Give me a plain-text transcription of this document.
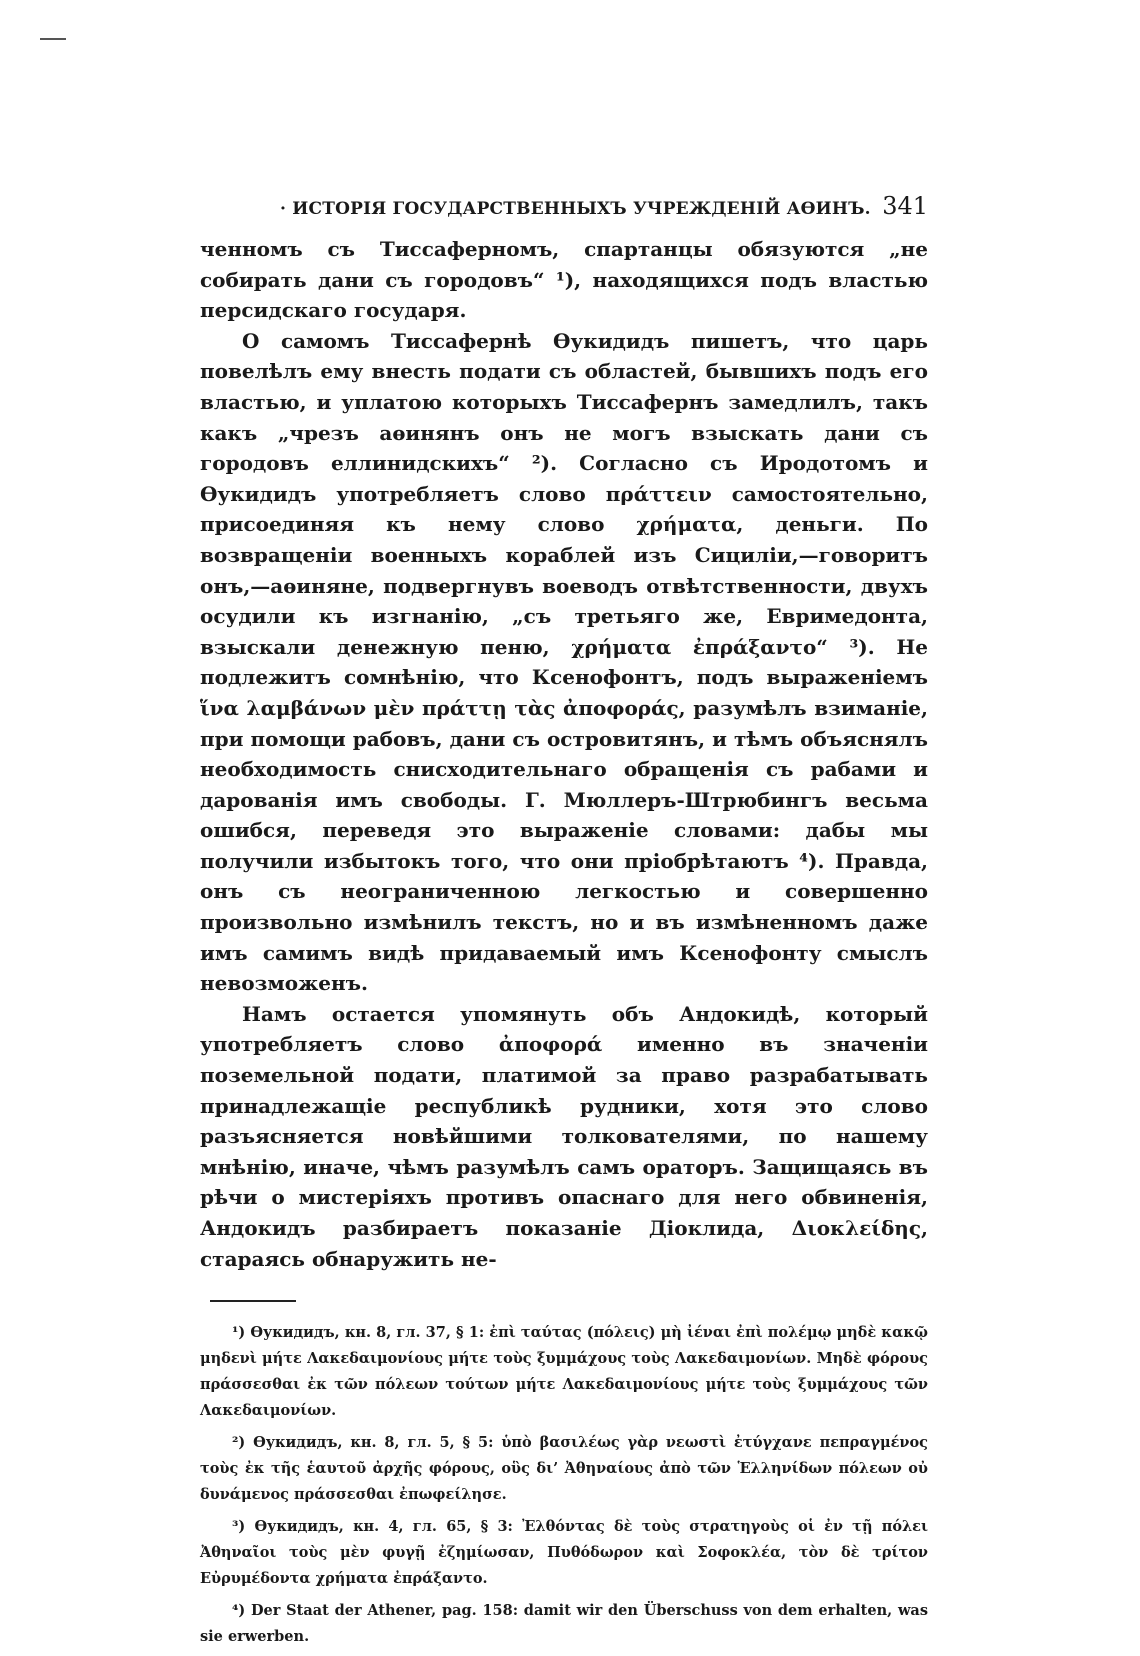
· ИСТОРІЯ ГОСУДАРСТВЕННЫХЪ УЧРЕЖДЕНІЙ АѲИНЪ. 341

ченномъ съ Тиссаферномъ, спартанцы обязуются „не собирать дани съ городовъ“ ¹), находящихся подъ властью персидскаго государя.

О самомъ Тиссафернѣ Ѳукидидъ пишетъ, что царь повелѣлъ ему внесть подати съ областей, бывшихъ подъ его властью, и уплатою которыхъ Тиссафернъ замедлилъ, такъ какъ „чрезъ аѳинянъ онъ не могъ взыскать дани съ городовъ еллинидскихъ“ ²). Согласно съ Иродотомъ и Ѳукидидъ употребляетъ слово πράττειν самостоятельно, присоединяя къ нему слово χρήματα, деньги. По возвращеніи военныхъ кораблей изъ Сициліи,—говоритъ онъ,—аѳиняне, подвергнувъ воеводъ отвѣтственности, двухъ осудили къ изгнанію, „съ третьяго же, Евримедонта, взыскали денежную пеню, χρήματα ἐπράξαντο“ ³). Не подлежитъ сомнѣнію, что Ксенофонтъ, подъ выраженіемъ ἵνα λαμβάνων μὲν πράττῃ τὰς ἀποφοράς, разумѣлъ взиманіе, при помощи рабовъ, дани съ островитянъ, и тѣмъ объяснялъ необходимость снисходительнаго обращенія съ рабами и дарованія имъ свободы. Г. Мюллеръ-Штрюбингъ весьма ошибся, переведя это выраженіе словами: дабы мы получили избытокъ того, что они пріобрѣтаютъ ⁴). Правда, онъ съ неограниченною легкостью и совершенно произвольно измѣнилъ текстъ, но и въ измѣненномъ даже имъ самимъ видѣ придаваемый имъ Ксенофонту смыслъ невозможенъ.

Намъ остается упомянуть объ Андокидѣ, который употребляетъ слово ἀποφορά именно въ значеніи поземельной подати, платимой за право разрабатывать принадлежащіе республикѣ рудники, хотя это слово разъясняется новѣйшими толкователями, по нашему мнѣнію, иначе, чѣмъ разумѣлъ самъ ораторъ. Защищаясь въ рѣчи о мистеріяхъ противъ опаснаго для него обвиненія, Андокидъ разбираетъ показаніе Діоклида, Διοκλείδης, стараясь обнаружить не-

¹) Ѳукидидъ, кн. 8, гл. 37, § 1: ἐπὶ ταύτας (πόλεις) μὴ ἰέναι ἐπὶ πολέμῳ μηδὲ κακῷ μηδενὶ μήτε Λακεδαιμονίους μήτε τοὺς ξυμμάχους τοὺς Λακεδαιμονίων. Μηδὲ φόρους πράσσεσθαι ἐκ τῶν πόλεων τούτων μήτε Λακεδαιμονίους μήτε τοὺς ξυμμάχους τῶν Λακεδαιμονίων.

²) Ѳукидидъ, кн. 8, гл. 5, § 5: ὑπὸ βασιλέως γὰρ νεωστὶ ἐτύγχανε πεπραγμένος τοὺς ἐκ τῆς ἑαυτοῦ ἀρχῆς φόρους, οὓς δι’ Ἀθηναίους ἀπὸ τῶν Ἑλληνίδων πόλεων οὐ δυνάμενος πράσσεσθαι ἐπωφείλησε.

³) Ѳукидидъ, кн. 4, гл. 65, § 3: Ἐλθόντας δὲ τοὺς στρατηγοὺς οἱ ἐν τῇ πόλει Ἀθηναῖοι τοὺς μὲν φυγῇ ἐζημίωσαν, Πυθόδωρον καὶ Σοφοκλέα, τὸν δὲ τρίτον Εὐρυμέδοντα χρήματα ἐπράξαντο.

⁴) Der Staat der Athener, pag. 158: damit wir den Überschuss von dem erhalten, was sie erwerben.
